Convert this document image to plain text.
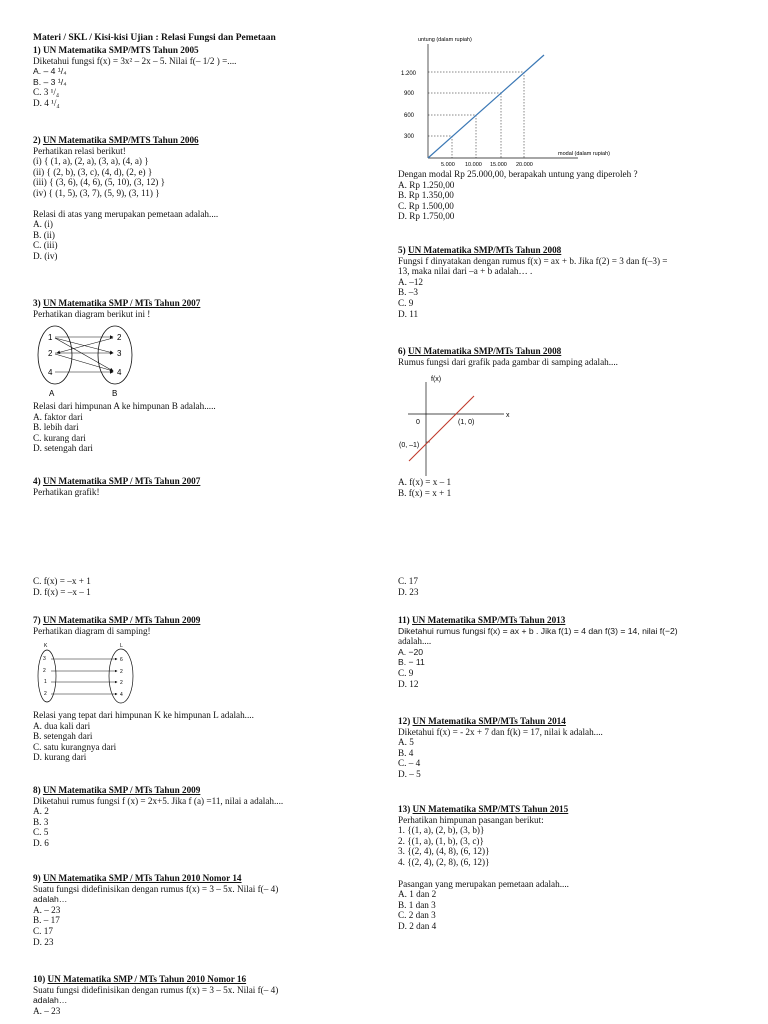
Materi / SKL / Kisi-kisi Ujian : Relasi Fungsi dan Pemetaan
1) UN Matematika SMP/MTS Tahun 2005
Diketahui fungsi f(x) = 3x² – 2x – 5. Nilai f(– 1/2 ) =....
A. – 4 ¹/₄
B. – 3 ¹/₄
C. 3 ¹/₄
D. 4 ¹/₄
2) UN Matematika SMP/MTS Tahun 2006
Perhatikan relasi berikut!
(i) { (1, a), (2, a), (3, a), (4, a) }
(ii) { (2, b), (3, c), (4, d), (2, e) }
(iii) { (3, 6), (4, 6), (5, 10), (3, 12) }
(iv) { (1, 5), (3, 7), (5, 9), (3, 11) }
Relasi di atas yang merupakan pemetaan adalah....
A. (i)
B. (ii)
C. (iii)
D. (iv)
3) UN Matematika SMP / MTs Tahun 2007
Perhatikan diagram berikut ini !
1
2
4
2
3
4
A	B
Relasi dari himpunan A ke himpunan B adalah.....
A. faktor dari
B. lebih dari
C. kurang dari
D. setengah dari
4) UN Matematika SMP / MTs Tahun 2007
Perhatikan grafik!
untung (dalam rupiah)
1.200
900
600
300
5.000 10.000 15.000 20.000
modal (dalam rupiah)
Dengan modal Rp 25.000,00, berapakah untung yang diperoleh ?
A. Rp 1.250,00
B. Rp 1.350,00
C. Rp 1.500,00
D. Rp 1.750,00
5) UN Matematika SMP/MTs Tahun 2008
Fungsi f dinyatakan dengan rumus f(x) = ax + b. Jika f(2) = 3 dan f(–3) =
13, maka nilai dari –a + b adalah… .
A. –12
B. –3
C. 9
D. 11
6) UN Matematika SMP/MTs Tahun 2008
Rumus fungsi dari grafik pada gambar di samping adalah....
f(x)
x
0	(1, 0)
(0, –1)
A. f(x) = x – 1
B. f(x) = x + 1
C. f(x) = –x + 1
D. f(x) = –x – 1
C. 17
D. 23
7) UN Matematika SMP / MTs Tahun 2009
Perhatikan diagram di samping!
K	L
3
2
1
2
6
2
2
4
Relasi yang tepat dari himpunan K ke himpunan L adalah....
A. dua kali dari
B. setengah dari
C. satu kurangnya dari
D. kurang dari
8) UN Matematika SMP / MTs Tahun 2009
Diketahui rumus fungsi f (x) = 2x+5. Jika f (a) =11, nilai a adalah....
A. 2
B. 3
C. 5
D. 6
9) UN Matematika SMP / MTs Tahun 2010 Nomor 14
Suatu fungsi didefinisikan dengan rumus f(x) = 3 – 5x. Nilai f(– 4)
adalah…
A. – 23
B. – 17
C. 17
D. 23
10) UN Matematika SMP / MTs Tahun 2010 Nomor 16
Suatu fungsi didefinisikan dengan rumus f(x) = 3 – 5x. Nilai f(– 4)
adalah…
A. – 23
11) UN Matematika SMP/MTs Tahun 2013
Diketahui rumus fungsi f(x) = ax + b . Jika f(1) = 4 dan f(3) = 14, nilai f(−2)
adalah....
A. −20
B. − 11
C. 9
D. 12
12) UN Matematika SMP/MTs Tahun 2014
Diketahui f(x) = - 2x + 7 dan f(k) = 17, nilai k adalah....
A. 5
B. 4
C. – 4
D. – 5
13) UN Matematika SMP/MTS Tahun 2015
Perhatikan himpunan pasangan berikut:
1. {(1, a), (2, b), (3, b)}
2. {(1, a), (1, b), (3, c)}
3. {(2, 4), (4, 8), (6, 12)}
4. {(2, 4), (2, 8), (6, 12)}
Pasangan yang merupakan pemetaan adalah....
A. 1 dan 2
B. 1 dan 3
C. 2 dan 3
D. 2 dan 4
